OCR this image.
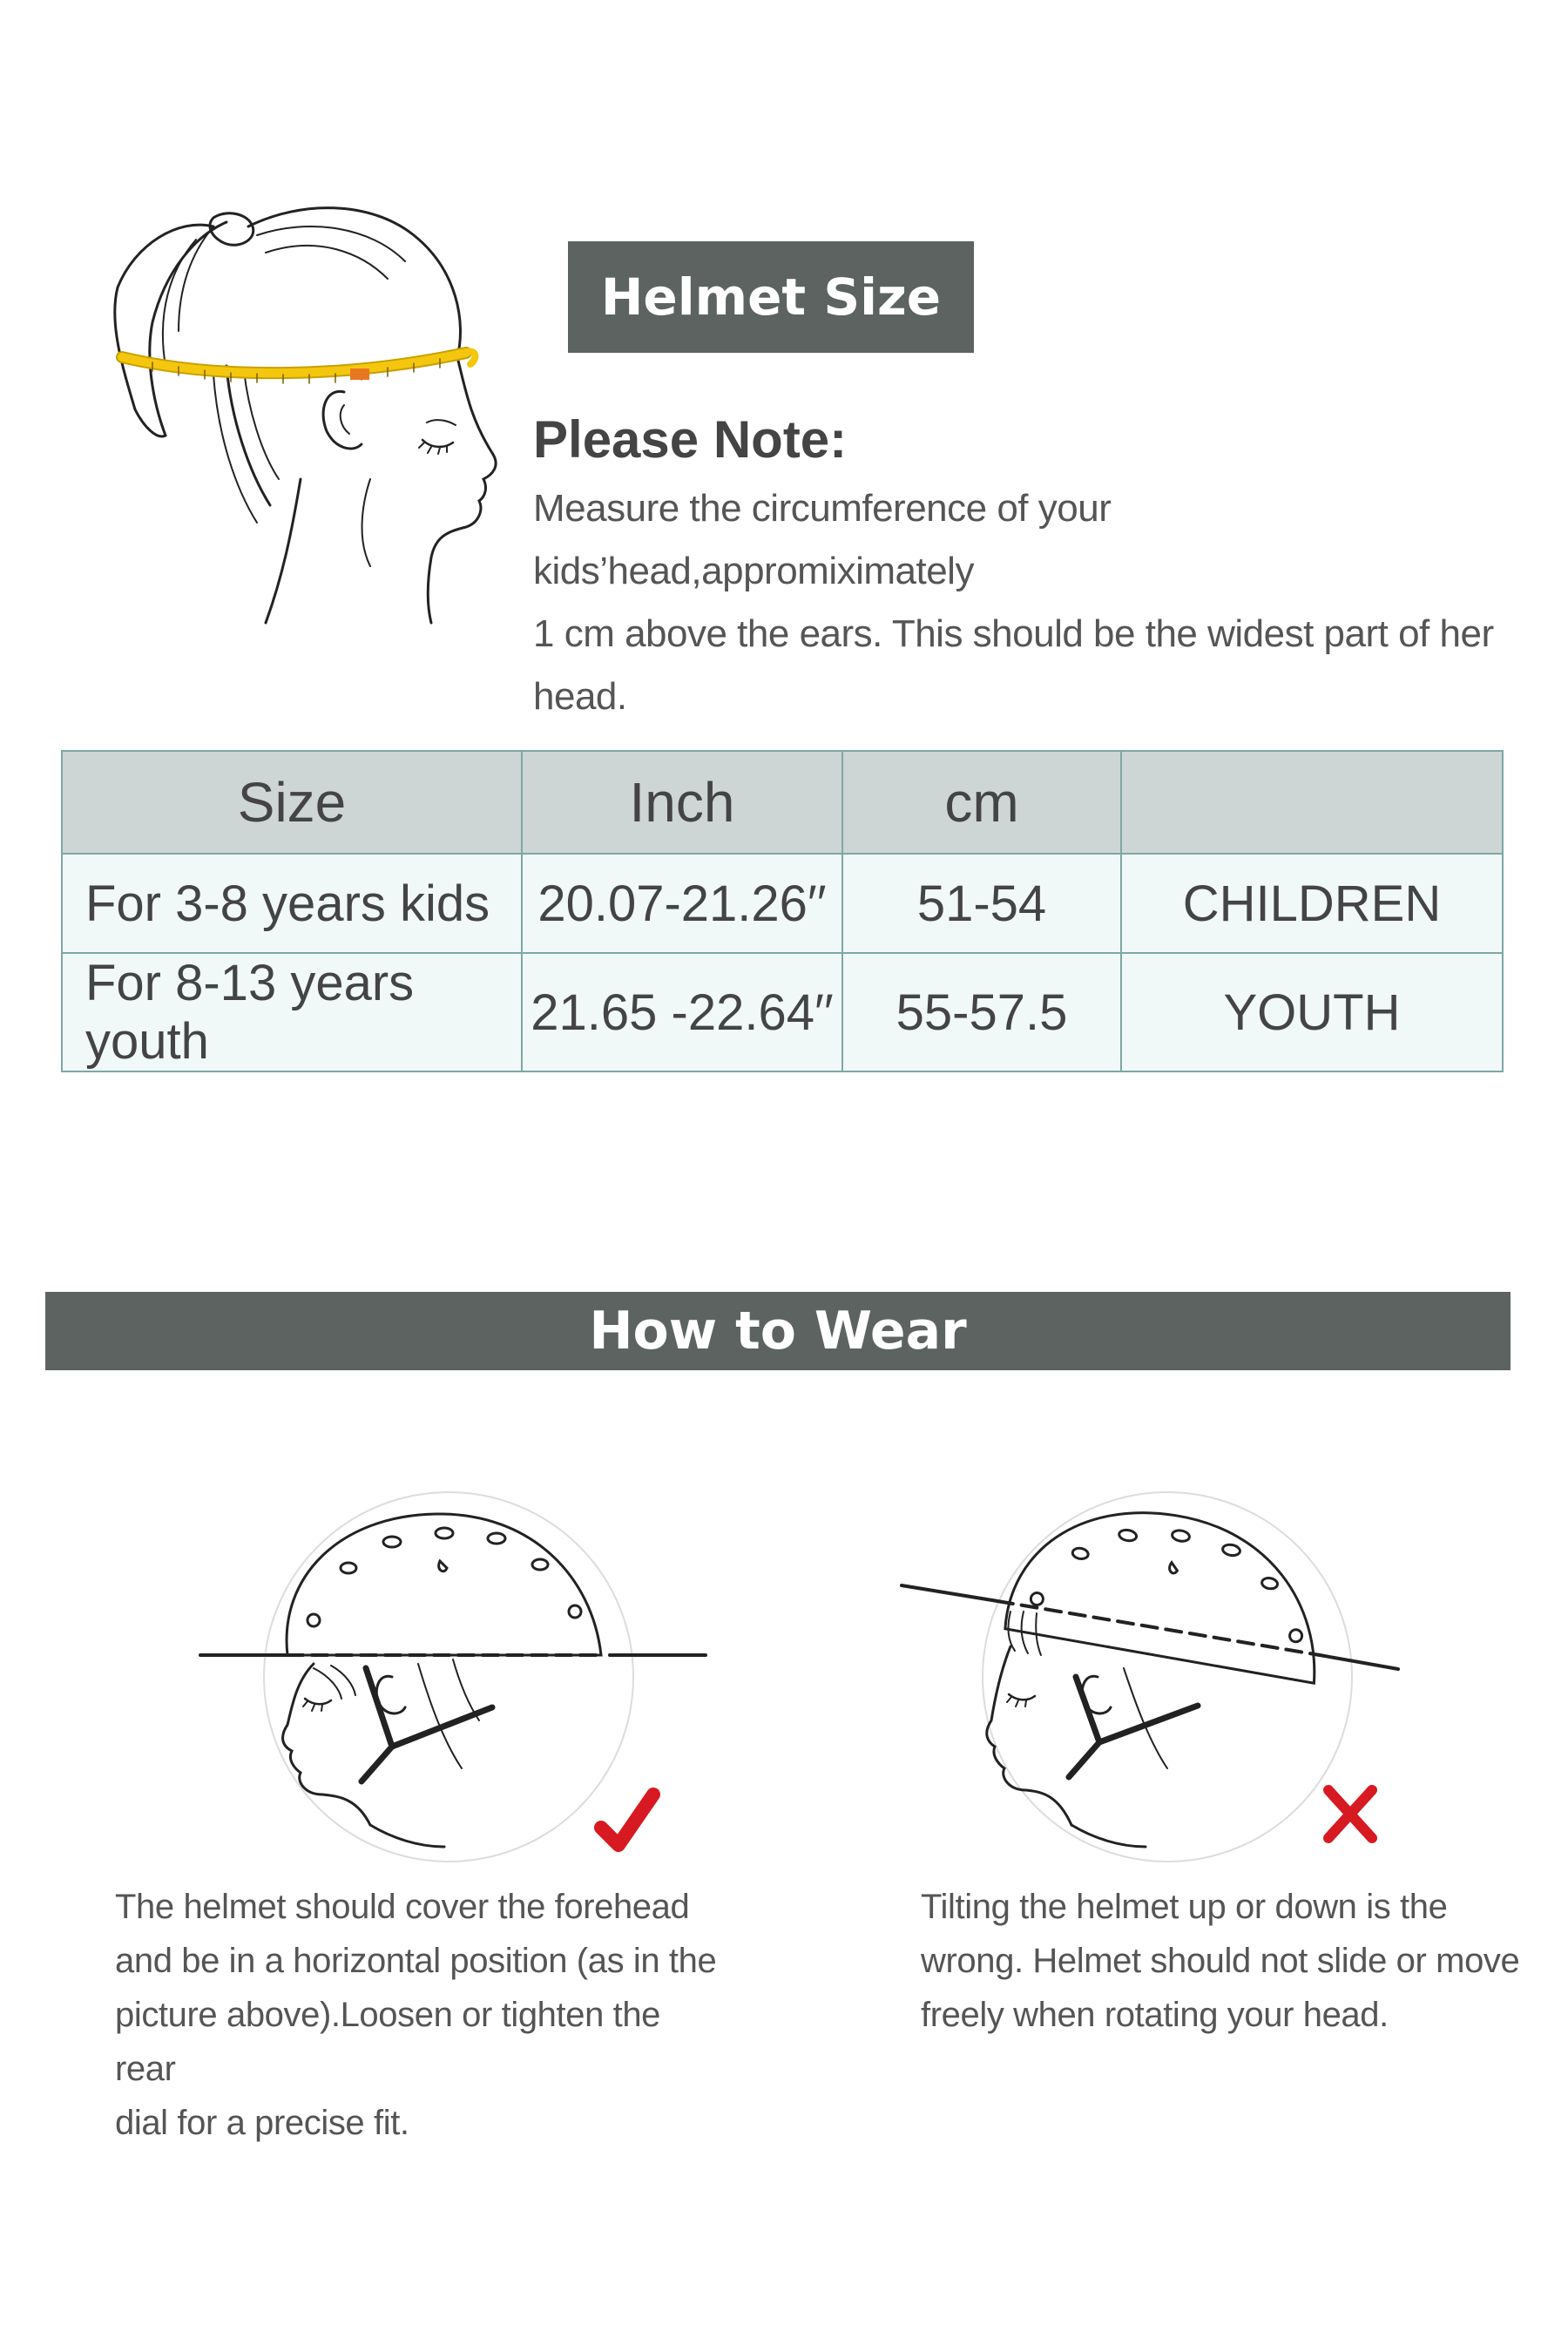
Helmet Size
Please Note:
Measure the circumference of your kids’head,appromiximately
1 cm above the ears. This should be the widest part of her head.
Size	Inch	cm	
For 3-8 years kids	20.07-21.26′′	51-54	CHILDREN
For 8-13 years youth	21.65 -22.64′′	55-57.5	YOUTH
How to Wear
The helmet should cover the forehead
and be in a horizontal position (as in the
picture above).Loosen or tighten the rear
dial for a precise fit.
Tilting the helmet up or down is the
wrong. Helmet should not slide or move
freely when rotating your head.
